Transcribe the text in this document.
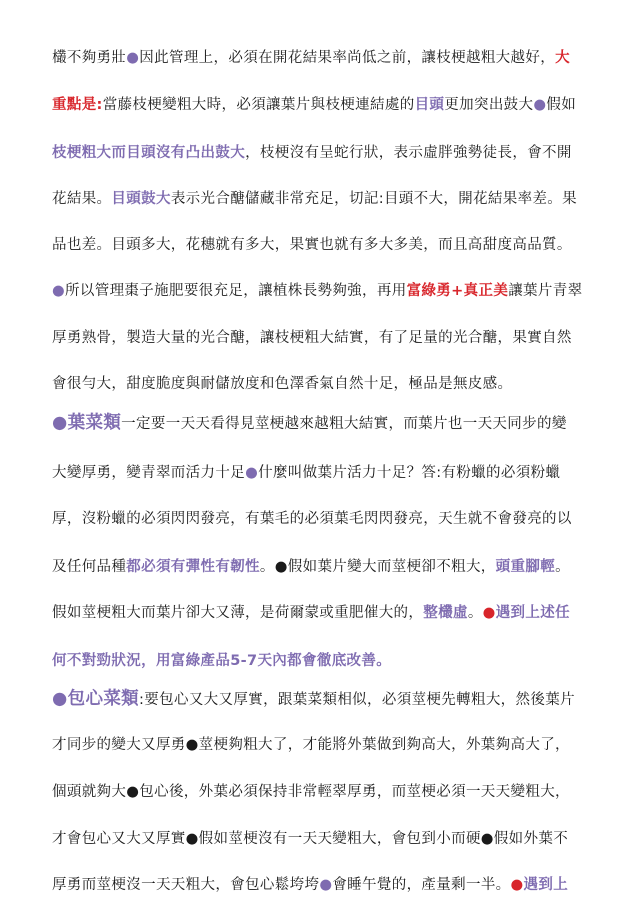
欉不夠勇壯●因此管理上，必須在開花結果率尚低之前，讓枝梗越粗大越好，大
重點是:當藤枝梗變粗大時，必須讓葉片與枝梗連結處的目頭更加突出鼓大●假如
枝梗粗大而目頭沒有凸出鼓大，枝梗沒有呈蛇行狀，表示虛胖強勢徒長，會不開
花結果。目頭鼓大表示光合醣儲藏非常充足，切記:目頭不大，開花結果率差。果
品也差。目頭多大，花穗就有多大，果實也就有多大多美，而且高甜度高品質。
●所以管理棗子施肥要很充足，讓植株長勢夠強，再用富綠勇+真正美讓葉片青翠
厚勇熟骨，製造大量的光合醣，讓枝梗粗大結實，有了足量的光合醣，果實自然
會很勻大，甜度脆度與耐儲放度和色澤香氣自然十足，極品是無皮感。
●葉菜類一定要一天天看得見莖梗越來越粗大結實，而葉片也一天天同步的變
大變厚勇，變青翠而活力十足●什麼叫做葉片活力十足？答:有粉蠟的必須粉蠟
厚，沒粉蠟的必須閃閃發亮，有葉毛的必須葉毛閃閃發亮，天生就不會發亮的以
及任何品種都必須有彈性有韌性。●假如葉片變大而莖梗卻不粗大，頭重腳輕。
假如莖梗粗大而葉片卻大又薄，是荷爾蒙或重肥催大的，整欉虛。●遇到上述任
何不對勁狀況，用富綠產品5-7天內都會徹底改善。
●包心菜類:要包心又大又厚實，跟葉菜類相似，必須莖梗先轉粗大，然後葉片
才同步的變大又厚勇●莖梗夠粗大了，才能將外葉做到夠高大，外葉夠高大了，
個頭就夠大●包心後，外葉必須保持非常輕翠厚勇，而莖梗必須一天天變粗大，
才會包心又大又厚實●假如莖梗沒有一天天變粗大，會包到小而硬●假如外葉不
厚勇而莖梗沒一天天粗大，會包心鬆垮垮●會睡午覺的，產量剩一半。●遇到上
